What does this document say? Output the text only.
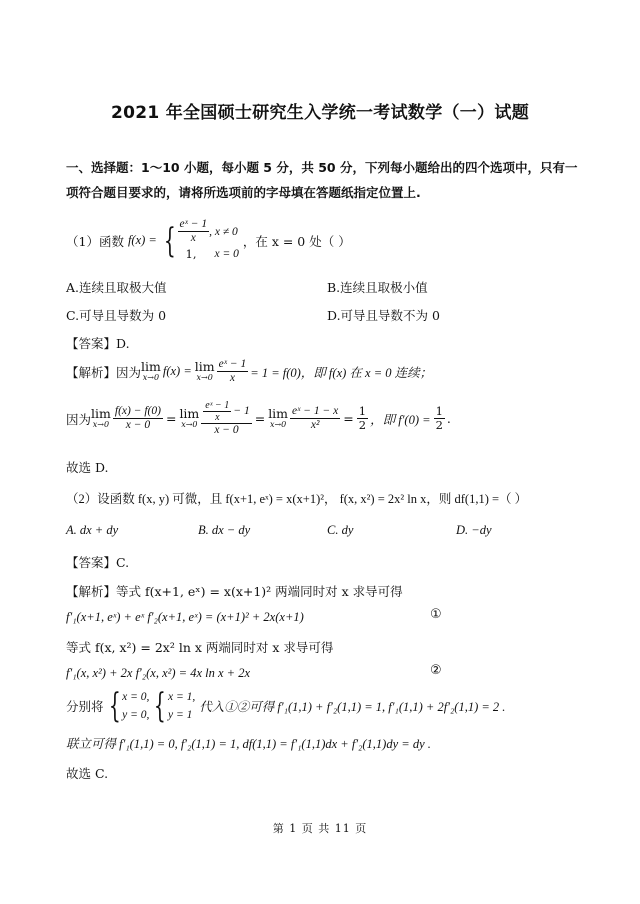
2021 年全国硕士研究生入学统一考试数学（一）试题
一、选择题：1～10 小题，每小题 5 分，共 50 分，下列每小题给出的四个选项中，只有一
项符合题目要求的，请将所选项前的字母填在答题纸指定位置上.
（1）函数 f(x) = { $\frac{\text{eˣ − 1}}{x}$ , x ≠ 0
1, x = 0
，在 x = 0 处（ ）
A.连续且取极大值	B.连续且取极小值
C.可导且导数为 0	D.可导且导数不为 0
【答案】D.
【解析】因为 lim
x→0 f(x) = lim
$x\to 0 \frac{\text{eˣ − 1}}{x} = 1 = f(0)$，即 f(x) 在 x = 0 连续；
因为 lim
$x\to 0 \frac{f(x) - f(0)}{x - 0} = \lim$
$x\to 0 \frac{\frac{\text{eˣ − 1}}{x} - 1}{x - 0} = \lim$
$x\to 0 \frac{\text{eˣ − 1 − x}}{\text{x²}} = \frac{1}{2}$ ，即 $f'(0) = \frac{1}{2}$ .
故选 D.
（2）设函数 f(x, y) 可微，且 f(x+1, eˣ) = x(x+1)²， f(x, x²) = 2x² ln x，则 df(1,1) =（ ）
A. dx + dy	B. dx − dy	C. dy	D. −dy
【答案】C.
【解析】等式 f(x+1, eˣ) = x(x+1)² 两端同时对 x 求导可得
f′₁(x+1, eˣ) + eˣ f′₂(x+1, eˣ) = (x+1)² + 2x(x+1)	①
等式 f(x, x²) = 2x² ln x 两端同时对 x 求导可得
f′₁(x, x²) + 2x f′₂(x, x²) = 4x ln x + 2x	②
分别将 { x = 0,
y = 0, { x = 1,
y = 1
代入①②可得 f′₁(1,1) + f′₂(1,1) = 1, f′₁(1,1) + 2f′₂(1,1) = 2 .
联立可得 f′₁(1,1) = 0, f′₂(1,1) = 1, df(1,1) = f′₁(1,1)dx + f′₂(1,1)dy = dy .
故选 C.
第 1 页 共 11 页
